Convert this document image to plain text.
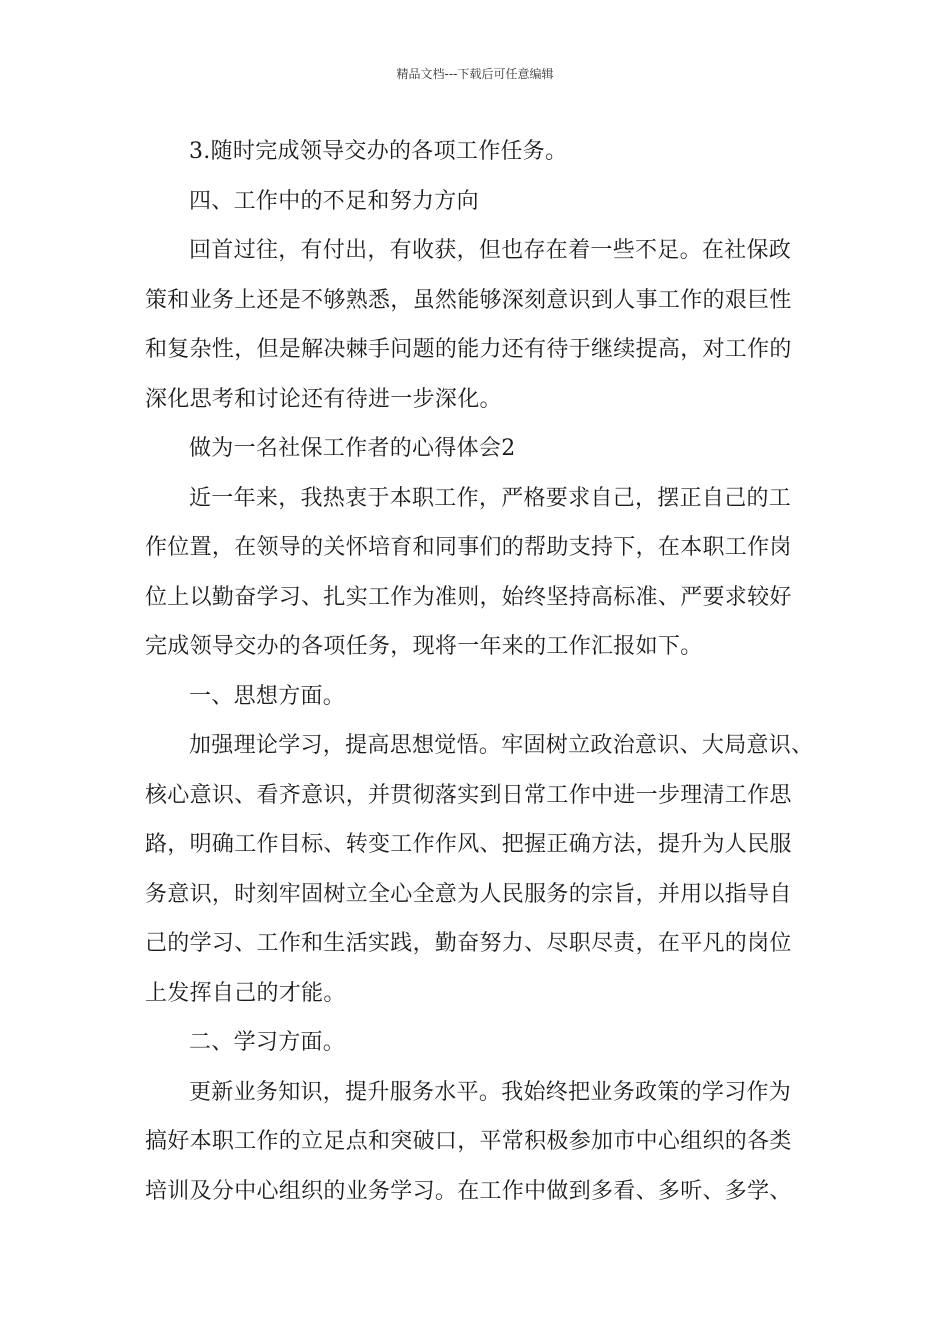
精品文档---下载后可任意编辑

3.随时完成领导交办的各项工作任务。

四、工作中的不足和努力方向

回首过往，有付出，有收获，但也存在着一些不足。在社保政
策和业务上还是不够熟悉，虽然能够深刻意识到人事工作的艰巨性
和复杂性，但是解决棘手问题的能力还有待于继续提高，对工作的
深化思考和讨论还有待进一步深化。

做为一名社保工作者的心得体会2

近一年来，我热衷于本职工作，严格要求自己，摆正自己的工
作位置，在领导的关怀培育和同事们的帮助支持下，在本职工作岗
位上以勤奋学习、扎实工作为准则，始终坚持高标准、严要求较好
完成领导交办的各项任务，现将一年来的工作汇报如下。

一、思想方面。

加强理论学习，提高思想觉悟。牢固树立政治意识、大局意识、
核心意识、看齐意识，并贯彻落实到日常工作中进一步理清工作思
路，明确工作目标、转变工作作风、把握正确方法，提升为人民服
务意识，时刻牢固树立全心全意为人民服务的宗旨，并用以指导自
己的学习、工作和生活实践，勤奋努力、尽职尽责，在平凡的岗位
上发挥自己的才能。

二、学习方面。

更新业务知识，提升服务水平。我始终把业务政策的学习作为
搞好本职工作的立足点和突破口，平常积极参加市中心组织的各类
培训及分中心组织的业务学习。在工作中做到多看、多听、多学、
